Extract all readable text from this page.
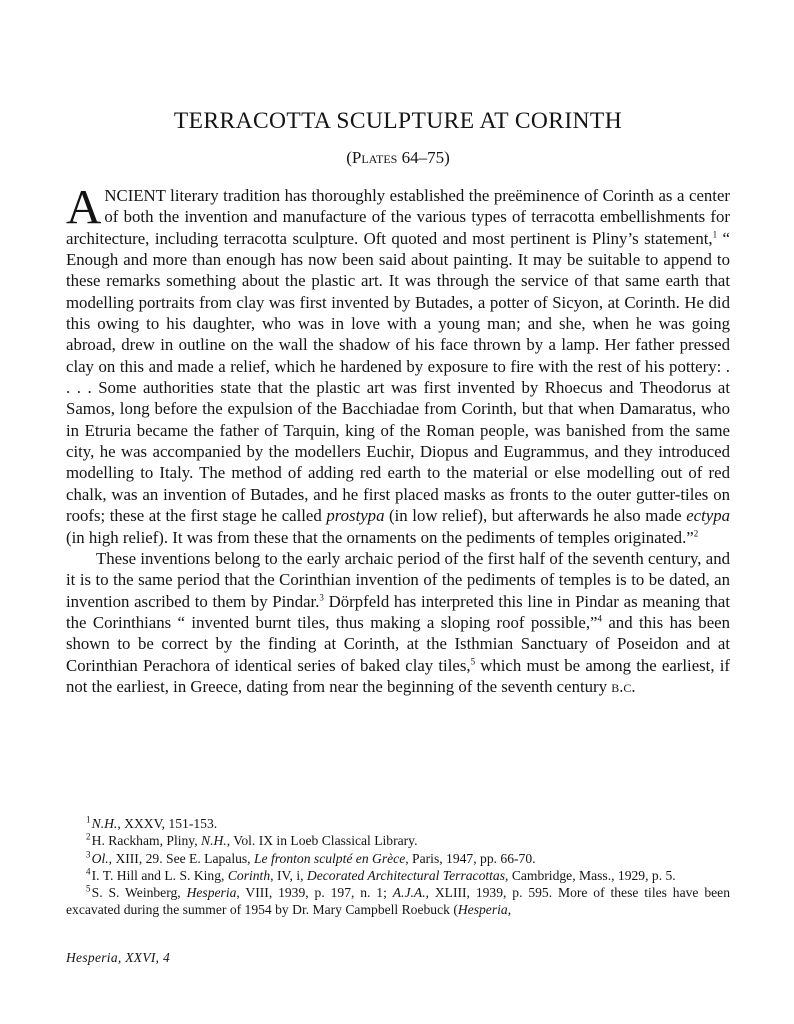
TERRACOTTA SCULPTURE AT CORINTH
(Plates 64–75)

ANCIENT literary tradition has thoroughly established the preëminence of Corinth as a center of both the invention and manufacture of the various types of terracotta embellishments for architecture, including terracotta sculpture. Oft quoted and most pertinent is Pliny’s statement,$^1$ “ Enough and more than enough has now been said about painting. It may be suitable to append to these remarks something about the plastic art. It was through the service of that same earth that modelling portraits from clay was first invented by Butades, a potter of Sicyon, at Corinth. He did this owing to his daughter, who was in love with a young man; and she, when he was going abroad, drew in outline on the wall the shadow of his face thrown by a lamp. Her father pressed clay on this and made a relief, which he hardened by exposure to fire with the rest of his pottery: . . . . Some authorities state that the plastic art was first invented by Rhoecus and Theodorus at Samos, long before the expulsion of the Bacchiadae from Corinth, but that when Damaratus, who in Etruria became the father of Tarquin, king of the Roman people, was banished from the same city, he was accompanied by the modellers Euchir, Diopus and Eugrammus, and they introduced modelling to Italy. The method of adding red earth to the material or else modelling out of red chalk, was an invention of Butades, and he first placed masks as fronts to the outer gutter-tiles on roofs; these at the first stage he called prostypa (in low relief), but afterwards he also made ectypa (in high relief). It was from these that the ornaments on the pediments of temples originated.”$^2$

These inventions belong to the early archaic period of the first half of the seventh century, and it is to the same period that the Corinthian invention of the pediments of temples is to be dated, an invention ascribed to them by Pindar.$^3$ Dörpfeld has interpreted this line in Pindar as meaning that the Corinthians “ invented burnt tiles, thus making a sloping roof possible,”$^4$ and this has been shown to be correct by the finding at Corinth, at the Isthmian Sanctuary of Poseidon and at Corinthian Perachora of identical series of baked clay tiles,$^5$ which must be among the earliest, if not the earliest, in Greece, dating from near the beginning of the seventh century b.c.

$^1$ N.H., XXXV, 151-153.

$^2$ H. Rackham, Pliny, N.H., Vol. IX in Loeb Classical Library.

$^3$ Ol., XIII, 29. See E. Lapalus, Le fronton sculpté en Grèce, Paris, 1947, pp. 66-70.

$^4$ I. T. Hill and L. S. King, Corinth, IV, i, Decorated Architectural Terracottas, Cambridge, Mass., 1929, p. 5.

$^5$ S. S. Weinberg, Hesperia, VIII, 1939, p. 197, n. 1; A.J.A., XLIII, 1939, p. 595. More of these tiles have been excavated during the summer of 1954 by Dr. Mary Campbell Roebuck (Hesperia,

Hesperia, XXVI, 4
